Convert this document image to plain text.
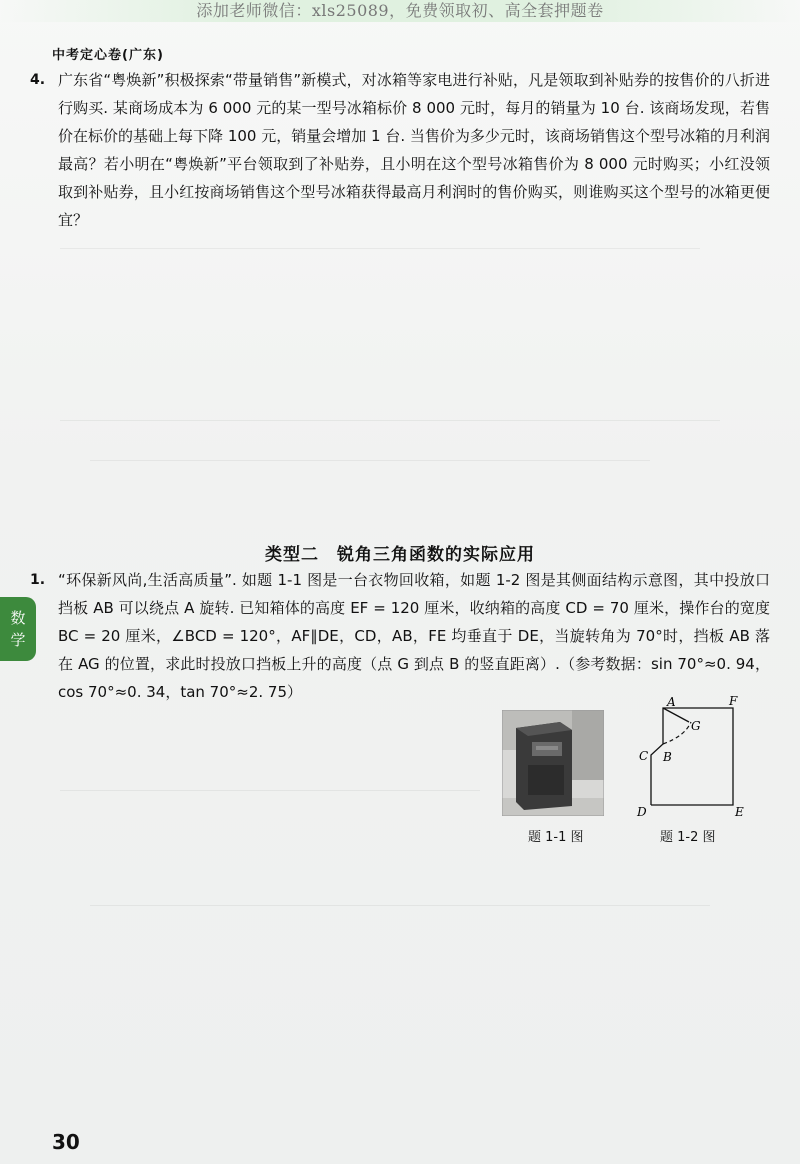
添加老师微信：xls25089，免费领取初、高全套押题卷
中考定心卷(广东)
4. 广东省“粤焕新”积极探索“带量销售”新模式，对冰箱等家电进行补贴，凡是领取到补贴券的按售价的八折进行购买. 某商场成本为 6 000 元的某一型号冰箱标价 8 000 元时，每月的销量为 10 台. 该商场发现，若售价在标价的基础上每下降 100 元，销量会增加 1 台. 当售价为多少元时，该商场销售这个型号冰箱的月利润最高？若小明在“粤焕新”平台领取到了补贴券，且小明在这个型号冰箱售价为 8 000 元时购买；小红没领取到补贴券，且小红按商场销售这个型号冰箱获得最高月利润时的售价购买，则谁购买这个型号的冰箱更便宜？
类型二　锐角三角函数的实际应用
数
学
1. “环保新风尚,生活高质量”. 如题 1-1 图是一台衣物回收箱，如题 1-2 图是其侧面结构示意图，其中投放口挡板 AB 可以绕点 A 旋转. 已知箱体的高度 EF = 120 厘米，收纳箱的高度 CD = 70 厘米，操作台的宽度 BC = 20 厘米，∠BCD = 120°，AF∥DE，CD，AB，FE 均垂直于 DE，当旋转角为 70°时，挡板 AB 落在 AG 的位置，求此时投放口挡板上升的高度（点 G 到点 B 的竖直距离）.（参考数据：sin 70°≈0. 94，cos 70°≈0. 34，tan 70°≈2. 75）
题 1-1 图
A	F
G
C B
D	E
题 1-2 图
30
